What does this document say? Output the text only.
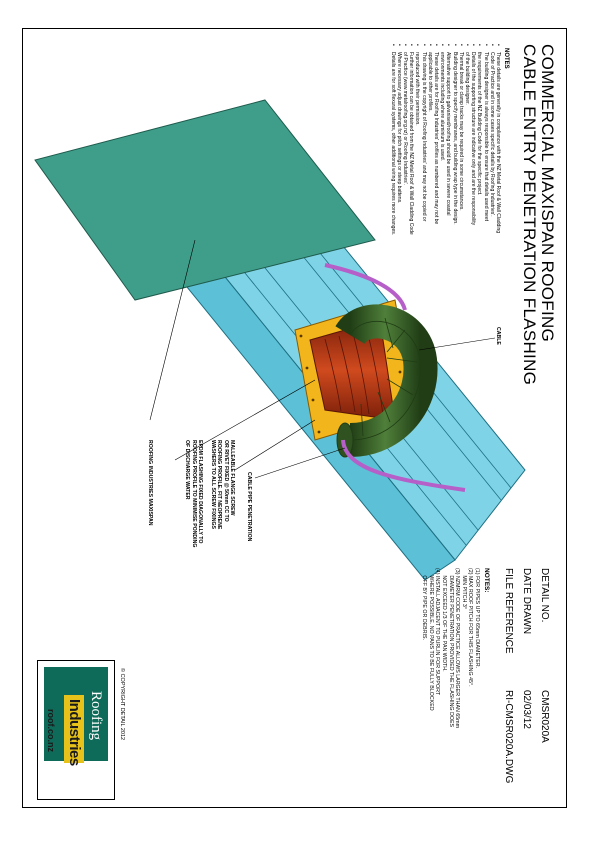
COMMERCIAL MAXISPAN ROOFING
CABLE ENTRY PENETRATION FLASHING
NOTES
•
These details are generally in compliance with the NZ Metal Roof & Wall Cladding
•
Code of Practice and in some cases specific details by Roofing Industries'.
•
The building designer is always responsible to ensure that details used meet
•
the requirements of the NZ Building Code for the specific project.
•
Details of the supporting structure are indicative only and are the responsibility
•
of the building designer.
•
Thermal break or clamp tracks may be required in some circumstances.
•
Building designer to specify membranes, and building wrap type in the design.
•
Alternative support to galvanised/roofing should be used in severe coastal
•
environments including where aluminium is used.
•
These details are for Roofing Industries' profiles as numbered and may not be
•
applicable to other profiles.
•
This drawing is the copyright of Roofing Industries' and may not be copied or
•
reproduced with their permission.
•
Further information can be obtained from the NZ Metal Roof & Wall Cladding Code
•
of Practice (www.metalroofing.org.nz) or Roofing Industries'.
•
Where necessary adjust drawings for pitch settings or steep battens.
•
Details are for soft flexural systems, other additional wiring requires more changes.
CABLE
CABLE PIPE PENETRATION
MALLEABLE FLANGE SCREW
OR RIVET FIXED @ 50mm CC TO
ROOFING PROFILE. FIT NEOPRENE
WASHERS TO ALL SCREW FIXINGS
EPDM FLASHING FIXED DIAGONALLY TO
ROOFING PROFILE TO MINIMISE PONDING
OF DISCHARGE WATER
ROOFING INDUSTRIES MAXISPAN
DETAIL NO.
CMSR020A
DATE DRAWN
02/03/12
FILE REFERENCE
RI-CMSR020A.DWG
NOTES:
(1) FOR PIPES UP TO 65mm DIAMETER.
(2) MAX ROOF PITCH FOR THIS FLASHING 45°.
MIN PITCH 3°
(3) NZMRM CODE OF PRACTICE ALLOWS LARGER THAN 65mm
DIAMETER PENETRATION PROVIDED THE FLASHING DOES
NOT EXCEED 1/3 OF THE PAN WIDTH.
(4) INSTALL ADJACENT TO PURLIN FOR SUPPORT
WHERE POSSIBLE. NO PANS TO BE FULLY BLOCKED
OFF BY PIPE OR DEBRIS.
© COPYRIGHT DETAIL 2012
Roofing
Industries
roof.co.nz
